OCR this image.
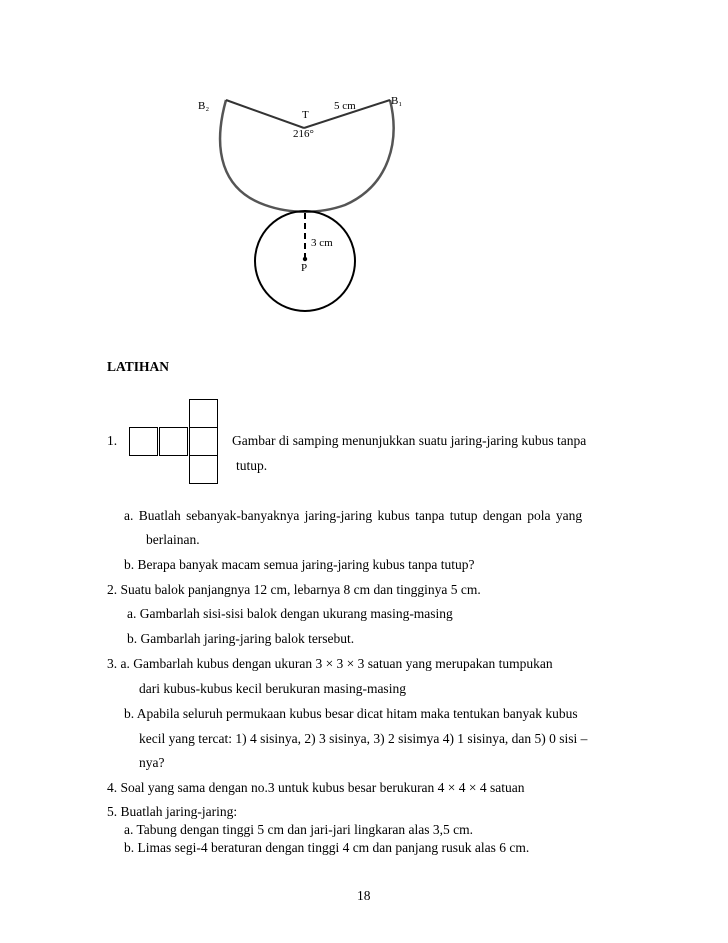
B₂	B₁
T
5 cm
216°
3 cm
P
LATIHAN
1.	Gambar di samping menunjukkan suatu jaring-jaring kubus tanpa
tutup.
a. Buatlah sebanyak-banyaknya jaring-jaring kubus tanpa tutup dengan pola yang
berlainan.
b. Berapa banyak macam semua jaring-jaring kubus tanpa tutup?
2. Suatu balok panjangnya 12 cm, lebarnya 8 cm dan tingginya 5 cm.
a. Gambarlah sisi-sisi balok dengan ukurang masing-masing
b. Gambarlah jaring-jaring balok tersebut.
3. a. Gambarlah kubus dengan ukuran 3 × 3 × 3 satuan yang merupakan tumpukan
dari kubus-kubus kecil berukuran masing-masing
b. Apabila seluruh permukaan kubus besar dicat hitam maka tentukan banyak kubus
kecil yang tercat: 1) 4 sisinya, 2) 3 sisinya, 3) 2 sisimya 4) 1 sisinya, dan 5) 0 sisi –
nya?
4. Soal yang sama dengan no.3 untuk kubus besar berukuran 4 × 4 × 4 satuan
5. Buatlah jaring-jaring:
a. Tabung dengan tinggi 5 cm dan jari-jari lingkaran alas 3,5 cm.
b. Limas segi-4 beraturan dengan tinggi 4 cm dan panjang rusuk alas 6 cm.
18
